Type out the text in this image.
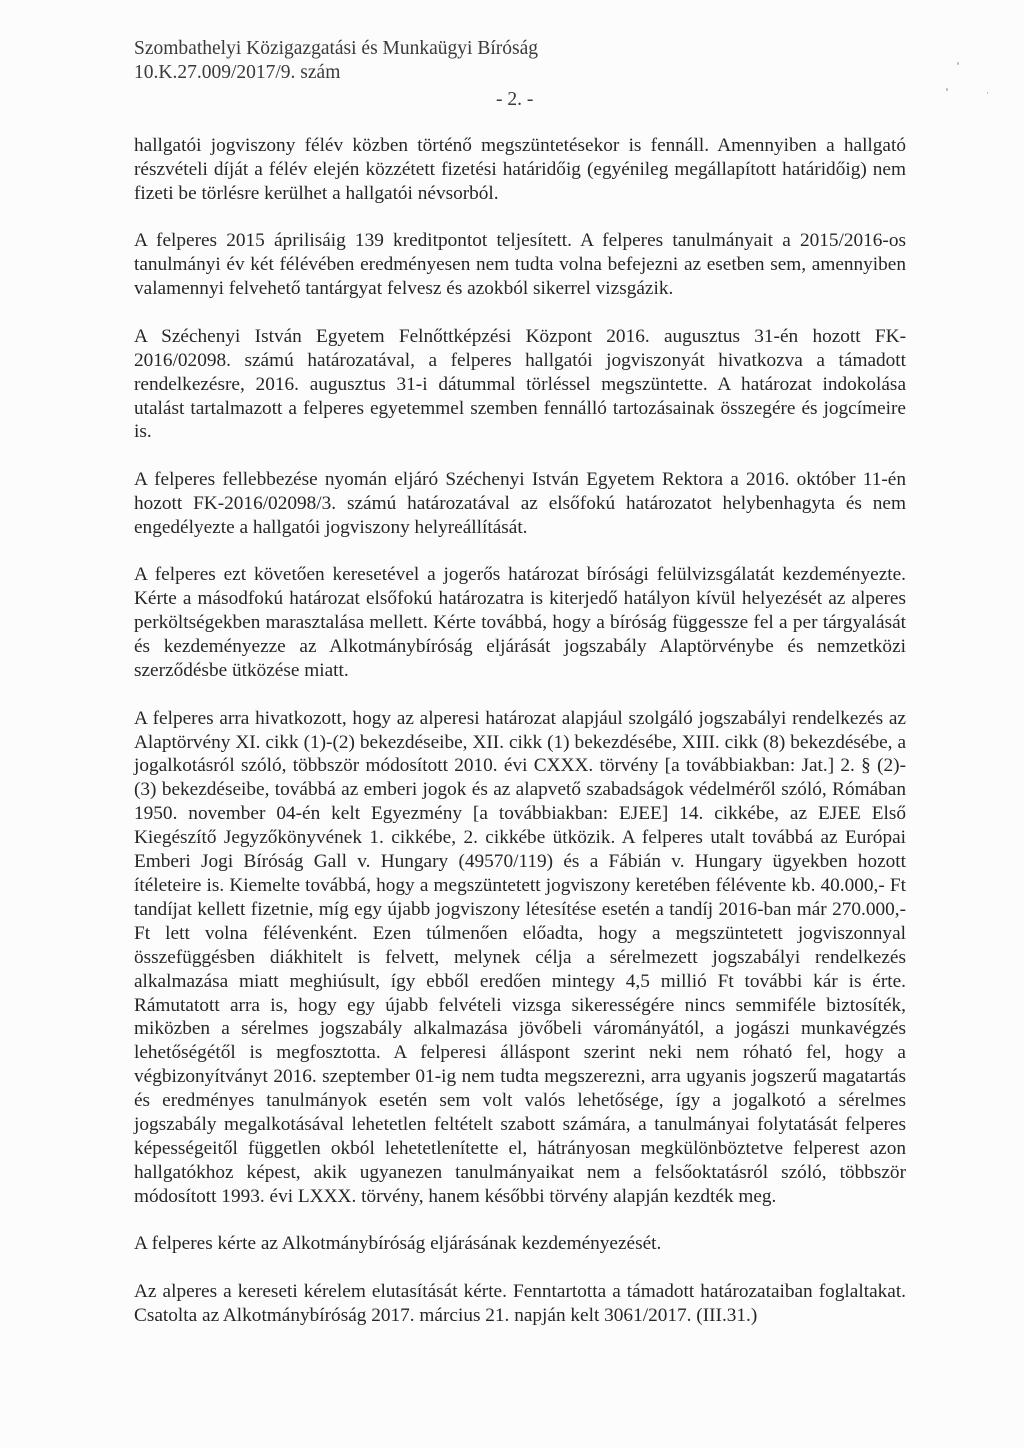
Szombathelyi Közigazgatási és Munkaügyi Bíróság
10.K.27.009/2017/9. szám
- 2. -

hallgatói jogviszony félév közben történő megszüntetésekor is fennáll. Amennyiben a hallgató részvételi díját a félév elején közzétett fizetési határidőig (egyénileg megállapított határidőig) nem fizeti be törlésre kerülhet a hallgatói névsorból.

A felperes 2015 áprilisáig 139 kreditpontot teljesített. A felperes tanulmányait a 2015/2016-os tanulmányi év két félévében eredményesen nem tudta volna befejezni az esetben sem, amennyiben valamennyi felvehető tantárgyat felvesz és azokból sikerrel vizsgázik.

A Széchenyi István Egyetem Felnőttképzési Központ 2016. augusztus 31-én hozott FK-2016/02098. számú határozatával, a felperes hallgatói jogviszonyát hivatkozva a támadott rendelkezésre, 2016. augusztus 31-i dátummal törléssel megszüntette. A határozat indokolása utalást tartalmazott a felperes egyetemmel szemben fennálló tartozásainak összegére és jogcímeire is.

A felperes fellebbezése nyomán eljáró Széchenyi István Egyetem Rektora a 2016. október 11-én hozott FK-2016/02098/3. számú határozatával az elsőfokú határozatot helybenhagyta és nem engedélyezte a hallgatói jogviszony helyreállítását.

A felperes ezt követően keresetével a jogerős határozat bírósági felülvizsgálatát kezdeményezte. Kérte a másodfokú határozat elsőfokú határozatra is kiterjedő hatályon kívül helyezését az alperes perköltségekben marasztalása mellett. Kérte továbbá, hogy a bíróság függessze fel a per tárgyalását és kezdeményezze az Alkotmánybíróság eljárását jogszabály Alaptörvénybe és nemzetközi szerződésbe ütközése miatt.

A felperes arra hivatkozott, hogy az alperesi határozat alapjául szolgáló jogszabályi rendelkezés az Alaptörvény XI. cikk (1)-(2) bekezdéseibe, XII. cikk (1) bekezdésébe, XIII. cikk (8) bekezdésébe, a jogalkotásról szóló, többször módosított 2010. évi CXXX. törvény [a továbbiakban: Jat.] 2. § (2)-(3) bekezdéseibe, továbbá az emberi jogok és az alapvető szabadságok védelméről szóló, Rómában 1950. november 04-én kelt Egyezmény [a továbbiakban: EJEE] 14. cikkébe, az EJEE Első Kiegészítő Jegyzőkönyvének 1. cikkébe, 2. cikkébe ütközik. A felperes utalt továbbá az Európai Emberi Jogi Bíróság Gall v. Hungary (49570/119) és a Fábián v. Hungary ügyekben hozott ítéleteire is. Kiemelte továbbá, hogy a megszüntetett jogviszony keretében félévente kb. 40.000,- Ft tandíjat kellett fizetnie, míg egy újabb jogviszony létesítése esetén a tandíj 2016-ban már 270.000,- Ft lett volna félévenként. Ezen túlmenően előadta, hogy a megszüntetett jogviszonnyal összefüggésben diákhitelt is felvett, melynek célja a sérelmezett jogszabályi rendelkezés alkalmazása miatt meghiúsult, így ebből eredően mintegy 4,5 millió Ft további kár is érte. Rámutatott arra is, hogy egy újabb felvételi vizsga sikerességére nincs semmiféle biztosíték, miközben a sérelmes jogszabály alkalmazása jövőbeli várományától, a jogászi munkavégzés lehetőségétől is megfosztotta. A felperesi álláspont szerint neki nem róható fel, hogy a végbizonyítványt 2016. szeptember 01-ig nem tudta megszerezni, arra ugyanis jogszerű magatartás és eredményes tanulmányok esetén sem volt valós lehetősége, így a jogalkotó a sérelmes jogszabály megalkotásával lehetetlen feltételt szabott számára, a tanulmányai folytatását felperes képességeitől független okból lehetetlenítette el, hátrányosan megkülönböztetve felperest azon hallgatókhoz képest, akik ugyanezen tanulmányaikat nem a felsőoktatásról szóló, többször módosított 1993. évi LXXX. törvény, hanem későbbi törvény alapján kezdték meg.

A felperes kérte az Alkotmánybíróság eljárásának kezdeményezését.

Az alperes a kereseti kérelem elutasítását kérte. Fenntartotta a támadott határozataiban foglaltakat. Csatolta az Alkotmánybíróság 2017. március 21. napján kelt 3061/2017. (III.31.)
